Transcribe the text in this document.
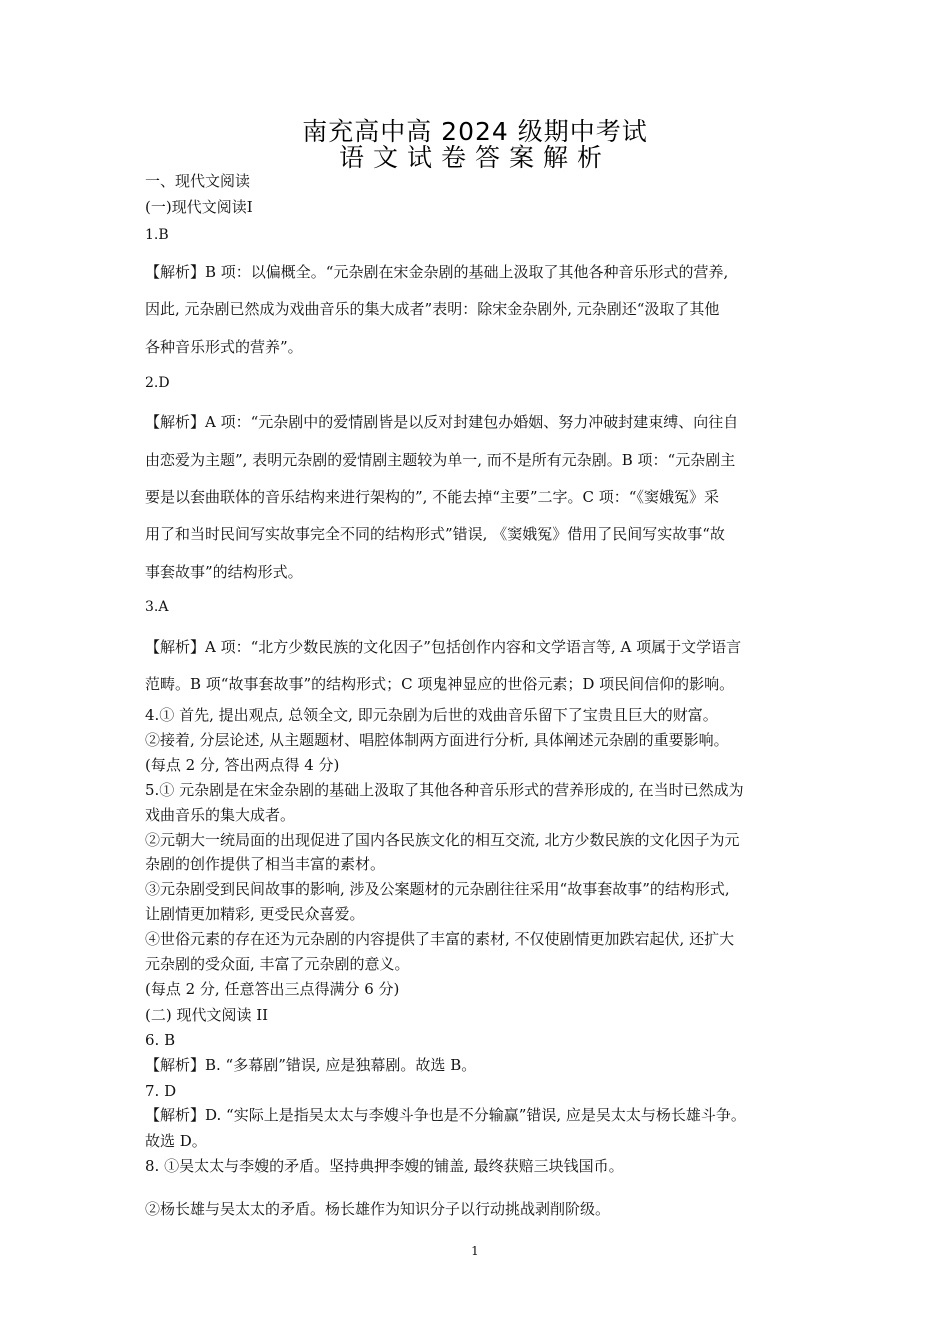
南充高中高 2024 级期中考试
语文试卷答案解析
一、现代文阅读
(一)现代文阅读Ⅰ
1.B
【解析】B 项：以偏概全。“元杂剧在宋金杂剧的基础上汲取了其他各种音乐形式的营养,
因此, 元杂剧已然成为戏曲音乐的集大成者”表明：除宋金杂剧外, 元杂剧还“汲取了其他
各种音乐形式的营养”。
2.D
【解析】A 项：“元杂剧中的爱情剧皆是以反对封建包办婚姻、努力冲破封建束缚、向往自
由恋爱为主题”, 表明元杂剧的爱情剧主题较为单一, 而不是所有元杂剧。B 项：“元杂剧主
要是以套曲联体的音乐结构来进行架构的”, 不能去掉“主要”二字。C 项：“《窦娥冤》采
用了和当时民间写实故事完全不同的结构形式”错误, 《窦娥冤》借用了民间写实故事“故
事套故事”的结构形式。
3.A
【解析】A 项：“北方少数民族的文化因子”包括创作内容和文学语言等, A 项属于文学语言
范畴。B 项“故事套故事”的结构形式；C 项鬼神显应的世俗元素；D 项民间信仰的影响。
4.① 首先, 提出观点, 总领全文, 即元杂剧为后世的戏曲音乐留下了宝贵且巨大的财富。
②接着, 分层论述, 从主题题材、唱腔体制两方面进行分析, 具体阐述元杂剧的重要影响。
(每点 2 分, 答出两点得 4 分)
5.① 元杂剧是在宋金杂剧的基础上汲取了其他各种音乐形式的营养形成的, 在当时已然成为
戏曲音乐的集大成者。
②元朝大一统局面的出现促进了国内各民族文化的相互交流, 北方少数民族的文化因子为元
杂剧的创作提供了相当丰富的素材。
③元杂剧受到民间故事的影响, 涉及公案题材的元杂剧往往采用“故事套故事”的结构形式,
让剧情更加精彩, 更受民众喜爱。
④世俗元素的存在还为元杂剧的内容提供了丰富的素材, 不仅使剧情更加跌宕起伏, 还扩大
元杂剧的受众面, 丰富了元杂剧的意义。
(每点 2 分, 任意答出三点得满分 6 分)
(二) 现代文阅读 II
6. B
【解析】B. “多幕剧”错误, 应是独幕剧。故选 B。
7. D
【解析】D. “实际上是指吴太太与李嫂斗争也是不分输赢”错误, 应是吴太太与杨长雄斗争。
故选 D。
8. ①吴太太与李嫂的矛盾。坚持典押李嫂的铺盖, 最终获赔三块钱国币。
②杨长雄与吴太太的矛盾。杨长雄作为知识分子以行动挑战剥削阶级。
1
